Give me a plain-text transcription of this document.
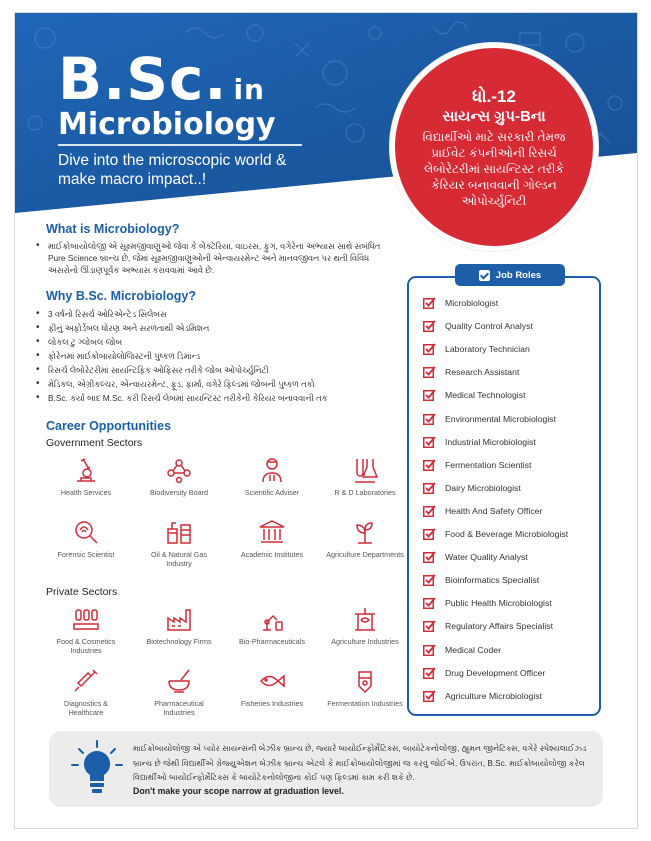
B.Sc. in
Microbiology
Dive into the microscopic world & make macro impact..!
ધો.-12
સાયન્સ ગ્રુપ-Bના
વિદ્યાર્થીઓ માટે સરકારી તેમજ પ્રાઈવેટ કંપનીઓની રિસર્ચ લેબોરેટરીમાં સાયન્ટિસ્ટ તરીકે કેરિયર બનાવવાની ગોલ્ડન ઓપોર્ચ્યુનિટી
What is Microbiology?
• માઈક્રોબાયોલોજી એ સૂક્ષ્મજીવાણુઓ જેવા કે બેક્ટેરિયા, વાઇરસ, ફુગ, વગેરેના અભ્યાસ સાથે સંબંધિત Pure Science બ્રાન્ચ છે, જેમાં સૂક્ષ્મજીવાણુઓની એન્વાયરમેન્ટ અને માનવજીવન પર થતી વિવિધ અસરોનો ઊંડાણપૂર્વક અભ્યાસ કરાવવામાં આવે છે.
Why B.Sc. Microbiology?
• 3 વર્ષનો રિસર્ચ ઓરિએન્ટેડ સિલેબસ
• ફીનું અફોર્ડેબલ ધોરણ અને સરળતાથી એડમિશન
• લોકલ ટુ ગ્લોબલ જોબ
• ફોરેનમાં માઈક્રોબાયોલોજિસ્ટની પુષ્કળ ડિમાન્ડ
• રિસર્ચ લેબોરેટરીમાં સાયન્ટિફિક ઓફિસર તરીકે જોબ ઓપોર્ચ્યુનિટી
• મેડિકલ, એગ્રીકલ્ચર, એન્વાયરમેન્ટ, ફૂડ, ફાર્મા, વગેરે ફિલ્ડમાં જોબની પુષ્કળ તકો
• B.Sc. કર્યા બાદ M.Sc. કરી રિસર્ચ લેબમાં સાયન્ટિસ્ટ તરીકેની કેરિયર બનાવવાની તક
Career Opportunities
Government Sectors
Health Services	Biodiversity Board	Scientific Adviser	R & D Laboratories
Forensic Scientist	Oil & Natural Gas Industry
Academic Institutes	Agriculture Departments
Private Sectors
Food & Cosmetics Industries
Biotechnology Firms	Bio-Pharmaceuticals	Agriculture Industries
Diagnostics & Healthcare
Pharmaceutical Industries
Fisheries Industries	Fermentation Industries
Job Roles
Microbiologist
Quality Control Analyst
Laboratory Technician
Research Assistant
Medical Technologist
Environmental Microbiologist
Industrial Microbiologist
Fermentation Scientist
Dairy Microbiologist
Health And Safety Officer
Food & Beverage Microbiologist
Water Quality Analyst
Bioinformatics Specialist
Public Health Microbiologist
Regulatory Affairs Specialist
Medical Coder
Drug Development Officer
Agriculture Microbiologist
માઈક્રોબાયોલોજી એ પ્યોર સાયન્સની બેઝીક બ્રાન્ચ છે, જ્યારે બાયોઈન્ફોર્મેટિક્સ, બાયોટેકનોલોજી, હ્યુમન જીનેટિક્સ, વગેરે સ્પેશ્યલાઈઝ્ડ બ્રાન્ચ છે જેથી વિદ્યાર્થીએ ગ્રેજ્યુએશન બેઝીક બ્રાન્ચ એટલે કે માઈક્રોબાયોલોજીમાં જ કરવું જોઈએ. ઉપરાંત, B.Sc. માઈક્રોબાયોલોજી કરેલ વિદ્યાર્થીઓ બાયોઈન્ફોર્મેટિક્સ કે બાયોટેકનોલોજીના કોઈ પણ ફિલ્ડમાં કામ કરી શકે છે.
Don't make your scope narrow at graduation level.
